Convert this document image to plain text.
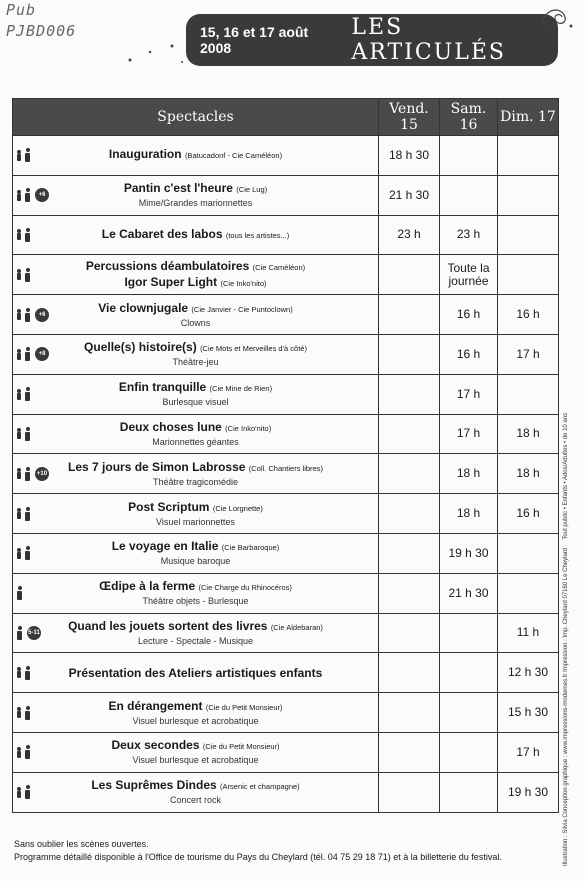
Pub
PJBD006	15, 16 et 17 août 2008
LES ARTICULÉS
Spectacles	Vend. 15	Sam. 16	Dim. 17

Inauguration (Batucadonf - Cie Caméléon)	18 h 30		

+6 Pantin c'est l'heure (Cie Lug)
Mime/Grandes marionnettes	21 h 30		

Le Cabaret des labos (tous les artistes...)	23 h	23 h	

Percussions déambulatoires (Cie Caméléon)
Igor Super Light (Cie Inko'nito)		Toute la journée	

+6 Vie clownjugale (Cie Janvier - Cie Puntoclown)
Clowns		16 h	16 h

+8 Quelle(s) histoire(s) (Cie Mots et Merveilles d'à côté)
Théâtre-jeu		16 h	17 h

Enfin tranquille (Cie Mine de Rien)
Burlesque visuel		17 h	

Deux choses lune (Cie Inko'nito)
Marionnettes géantes		17 h	18 h

+10 Les 7 jours de Simon Labrosse (Coll. Chantiers libres)
Théâtre tragicomédie		18 h	18 h

Post Scriptum (Cie Lorgnette)
Visuel marionnettes		18 h	16 h

Le voyage en Italie (Cie Barbaroque)
Musique baroque		19 h 30	

Œdipe à la ferme (Cie Charge du Rhinocéros)
Théâtre objets - Burlesque		21 h 30	

5-11 Quand les jouets sortent des livres (Cie Aldebaran)
Lecture - Spectale - Musique			11 h

Présentation des Ateliers artistiques enfants			12 h 30

En dérangement (Cie du Petit Monsieur)
Visuel burlesque et acrobatique			15 h 30

Deux secondes (Cie du Petit Monsieur)
Visuel burlesque et acrobatique			17 h

Les Suprêmes Dindes (Arsenic et champagne)
Concert rock			19 h 30 Illustration : Silvia Conception graphique : www.impressions-modernes.fr Impression : Imp. Cheylard 07160 Le Cheylard     Tout public • Enfants • Ados/Adultes • de 10 ans
Sans oublier les scènes ouvertes.
Programme détaillé disponible à l'Office de tourisme du Pays du Cheylard (tél. 04 75 29 18 71) et à la billetterie du festival.
